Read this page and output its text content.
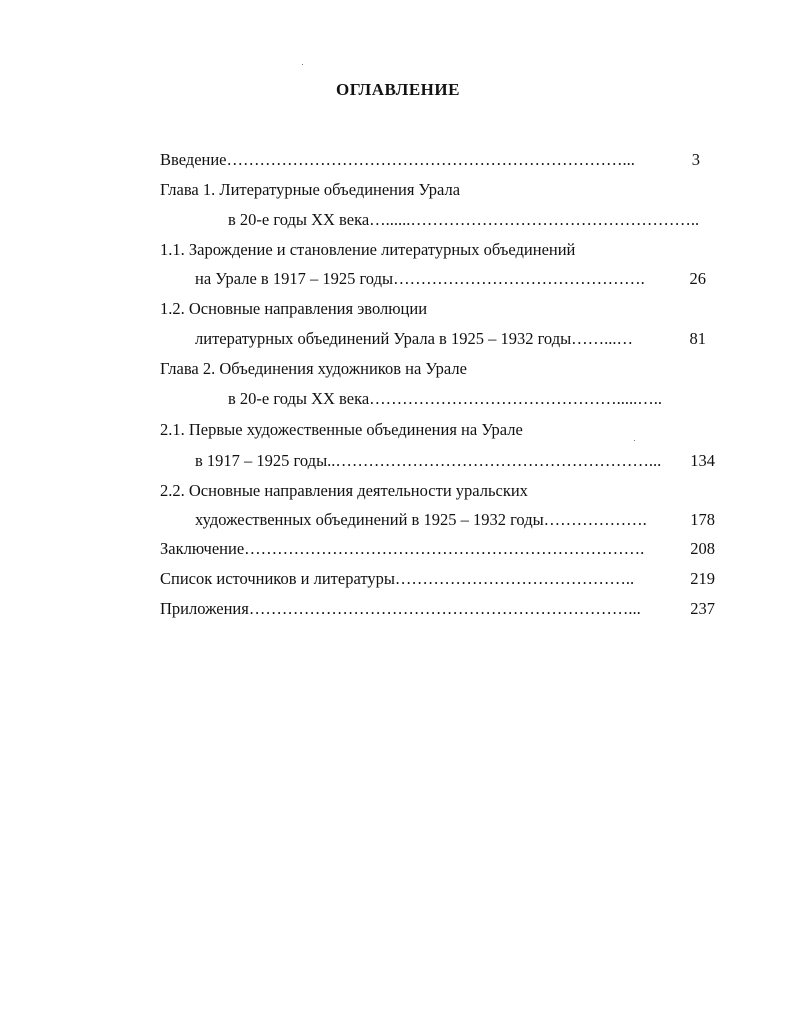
ОГЛАВЛЕНИЕ
Введение………………………………………………………………...	3
Глава 1. Литературные объединения Урала
в 20-е годы XX века…......……………………………………………..
1.1. Зарождение и становление литературных объединений
на Урале в 1917 – 1925 годы……………………………………….	26
1.2. Основные направления эволюции
литературных объединений Урала в 1925 – 1932 годы……...…	81
Глава 2. Объединения художников на Урале
в 20-е годы XX века……………………………………….....…..
2.1. Первые художественные объединения на Урале
в 1917 – 1925 годы..…………………………………………………...	134
2.2. Основные направления деятельности уральских
художественных объединений в 1925 – 1932 годы……………….	178
Заключение……………………………………………………………….	208
Список источников и литературы……………………………………..	219
Приложения……………………………………………………………...	237
